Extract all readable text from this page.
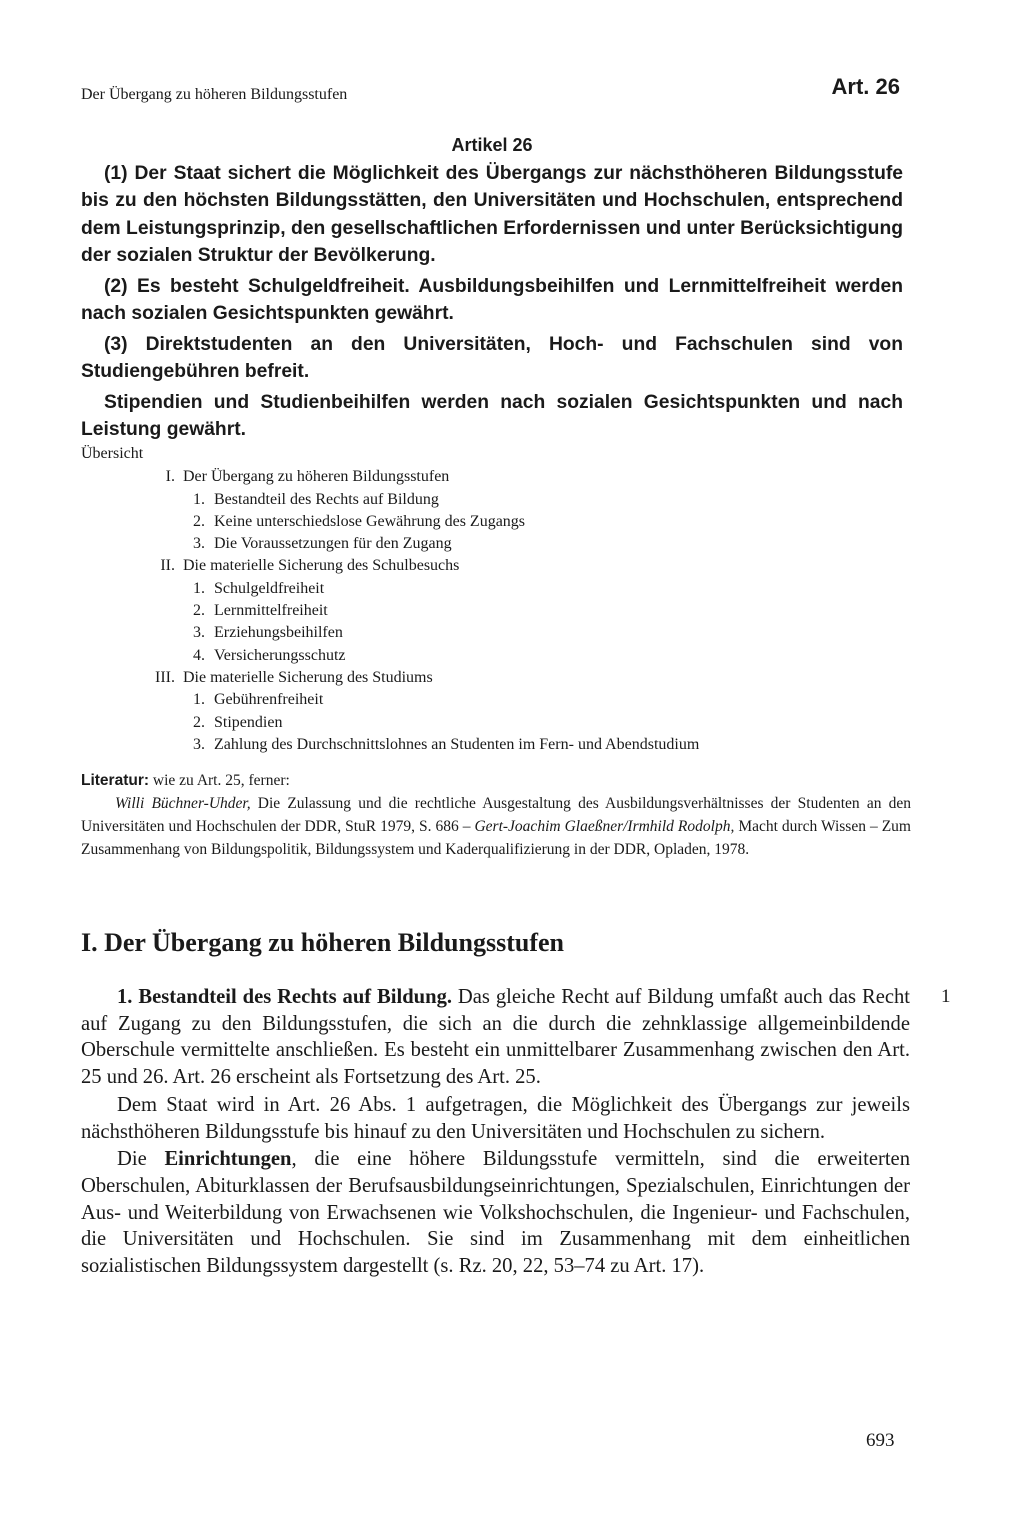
Der Übergang zu höheren Bildungsstufen	Art. 26
Artikel 26

(1) Der Staat sichert die Möglichkeit des Übergangs zur nächsthöheren Bildungsstufe bis zu den höchsten Bildungsstätten, den Universitäten und Hochschulen, entsprechend dem Leistungsprinzip, den gesellschaftlichen Erfordernissen und unter Berücksichtigung der sozialen Struktur der Bevölkerung.

(2) Es besteht Schulgeldfreiheit. Ausbildungsbeihilfen und Lernmittelfreiheit werden nach sozialen Gesichtspunkten gewährt.

(3) Direktstudenten an den Universitäten, Hoch- und Fachschulen sind von Studiengebühren befreit.

Stipendien und Studienbeihilfen werden nach sozialen Gesichtspunkten und nach Leistung gewährt.

Übersicht
I. Der Übergang zu höheren Bildungsstufen
1. Bestandteil des Rechts auf Bildung
2. Keine unterschiedslose Gewährung des Zugangs
3. Die Voraussetzungen für den Zugang
II. Die materielle Sicherung des Schulbesuchs
1. Schulgeldfreiheit
2. Lernmittelfreiheit
3. Erziehungsbeihilfen
4. Versicherungsschutz
III. Die materielle Sicherung des Studiums
1. Gebührenfreiheit
2. Stipendien
3. Zahlung des Durchschnittslohnes an Studenten im Fern- und Abendstudium
Literatur: wie zu Art. 25, ferner:

Willi Büchner-Uhder, Die Zulassung und die rechtliche Ausgestaltung des Ausbildungsverhältnisses der Studenten an den Universitäten und Hochschulen der DDR, StuR 1979, S. 686 – Gert-Joachim Glaeßner/Irmhild Rodolph, Macht durch Wissen – Zum Zusammenhang von Bildungspolitik, Bildungssystem und Kaderqualifizierung in der DDR, Opladen, 1978.

I. Der Übergang zu höheren Bildungsstufen
1

1. Bestandteil des Rechts auf Bildung. Das gleiche Recht auf Bildung umfaßt auch das Recht auf Zugang zu den Bildungsstufen, die sich an die durch die zehnklassige allgemeinbildende Oberschule vermittelte anschließen. Es besteht ein unmittelbarer Zusammenhang zwischen den Art. 25 und 26. Art. 26 erscheint als Fortsetzung des Art. 25.

Dem Staat wird in Art. 26 Abs. 1 aufgetragen, die Möglichkeit des Übergangs zur jeweils nächsthöheren Bildungsstufe bis hinauf zu den Universitäten und Hochschulen zu sichern.

Die Einrichtungen, die eine höhere Bildungsstufe vermitteln, sind die erweiterten Oberschulen, Abiturklassen der Berufsausbildungseinrichtungen, Spezialschulen, Einrichtungen der Aus- und Weiterbildung von Erwachsenen wie Volkshochschulen, die Ingenieur- und Fachschulen, die Universitäten und Hochschulen. Sie sind im Zusammenhang mit dem einheitlichen sozialistischen Bildungssystem dargestellt (s. Rz. 20, 22, 53–74 zu Art. 17).

693
